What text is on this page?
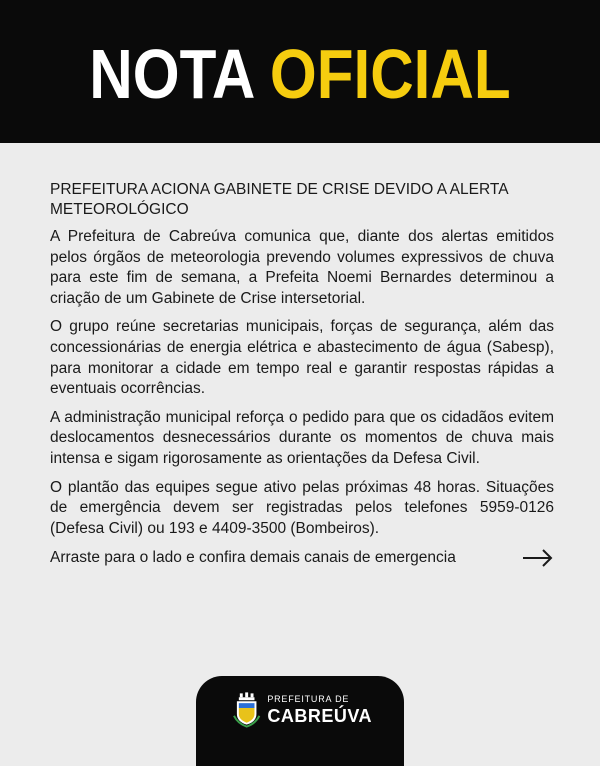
NOTA OFICIAL
PREFEITURA ACIONA GABINETE DE CRISE DEVIDO A ALERTA METEOROLÓGICO

A Prefeitura de Cabreúva comunica que, diante dos alertas emitidos pelos órgãos de meteorologia prevendo volumes expressivos de chuva para este fim de semana, a Prefeita Noemi Bernardes determinou a criação de um Gabinete de Crise intersetorial.

O grupo reúne secretarias municipais, forças de segurança, além das concessionárias de energia elétrica e abastecimento de água (Sabesp), para monitorar a cidade em tempo real e garantir respostas rápidas a eventuais ocorrências.

A administração municipal reforça o pedido para que os cidadãos evitem deslocamentos desnecessários durante os momentos de chuva mais intensa e sigam rigorosamente as orientações da Defesa Civil.

O plantão das equipes segue ativo pelas próximas 48 horas. Situações de emergência devem ser registradas pelos telefones 5959-0126 (Defesa Civil) ou 193 e 4409-3500 (Bombeiros).

Arraste para o lado e confira demais canais de emergencia
PREFEITURA DE
CABREÚVA
